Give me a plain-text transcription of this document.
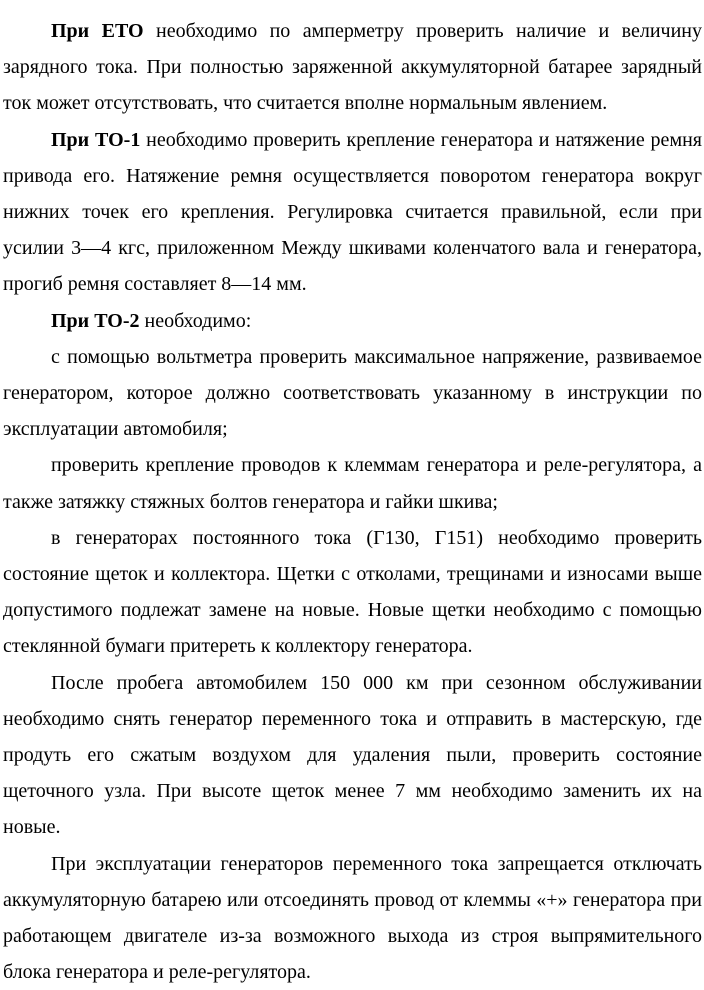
При ЕТО необходимо по амперметру проверить наличие и величину зарядного тока. При полностью заряженной аккумуляторной батарее зарядный ток может отсутствовать, что считается вполне нормальным явлением.

При ТО-1 необходимо проверить крепление генератора и натяжение ремня привода его. Натяжение ремня осуществляется поворотом генератора вокруг нижних точек его крепления. Регулировка считается правильной, если при усилии 3—4 кгс, приложенном Между шкивами коленчатого вала и генератора, прогиб ремня составляет 8—14 мм.

При ТО-2 необходимо:

с помощью вольтметра проверить максимальное напряжение, развиваемое генератором, которое должно соответствовать указанному в инструкции по эксплуатации автомобиля;

проверить крепление проводов к клеммам генератора и реле-регулятора, а также затяжку стяжных болтов генератора и гайки шкива;

в генераторах постоянного тока (Г130, Г151) необходимо проверить состояние щеток и коллектора. Щетки с отколами, трещинами и износами выше допустимого подлежат замене на новые. Новые щетки необходимо с помощью стеклянной бумаги притереть к коллектору генератора.

После пробега автомобилем 150 000 км при сезонном обслуживании необходимо снять генератор переменного тока и отправить в мастерскую, где продуть его сжатым воздухом для удаления пыли, проверить состояние щеточного узла. При высоте щеток менее 7 мм необходимо заменить их на новые.

При эксплуатации генераторов переменного тока запрещается отключать аккумуляторную батарею или отсоединять провод от клеммы «+» генератора при работающем двигателе из-за возможного выхода из строя выпрямительного блока генератора и реле-регулятора.
